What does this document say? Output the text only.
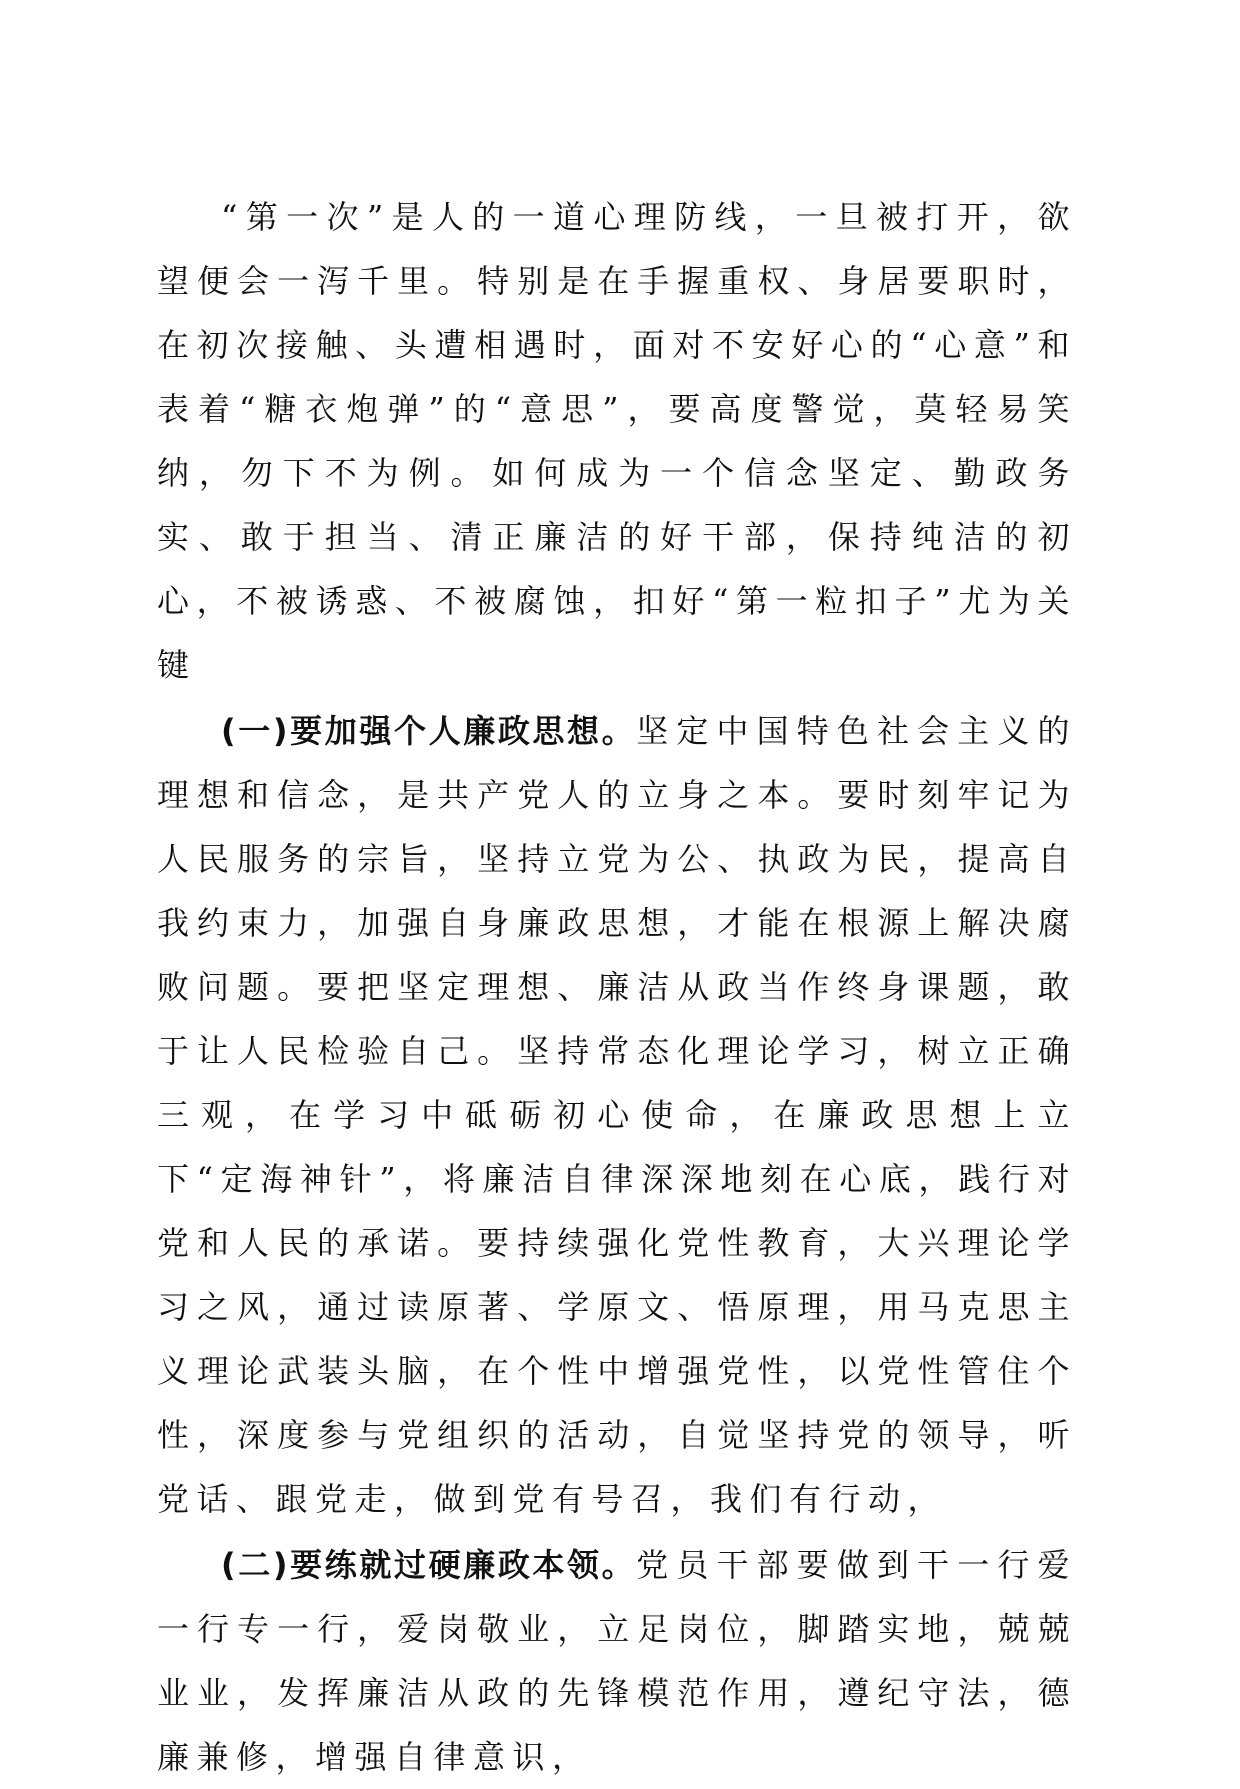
“第一次”是人的一道心理防线，一旦被打开，欲望便会一泻千里。特别是在手握重权、身居要职时，在初次接触、头遭相遇时，面对不安好心的“心意”和表着“糖衣炮弹”的“意思”，要高度警觉，莫轻易笑纳，勿下不为例。如何成为一个信念坚定、勤政务实、敢于担当、清正廉洁的好干部，保持纯洁的初心，不被诱惑、不被腐蚀，扣好“第一粒扣子”尤为关键

(一)要加强个人廉政思想。坚定中国特色社会主义的理想和信念，是共产党人的立身之本。要时刻牢记为人民服务的宗旨，坚持立党为公、执政为民，提高自我约束力，加强自身廉政思想，才能在根源上解决腐败问题。要把坚定理想、廉洁从政当作终身课题，敢于让人民检验自己。坚持常态化理论学习，树立正确三观，在学习中砥砺初心使命，在廉政思想上立下“定海神针”，将廉洁自律深深地刻在心底，践行对党和人民的承诺。要持续强化党性教育，大兴理论学习之风，通过读原著、学原文、悟原理，用马克思主义理论武装头脑，在个性中增强党性，以党性管住个性，深度参与党组织的活动，自觉坚持党的领导，听党话、跟党走，做到党有号召，我们有行动，

(二)要练就过硬廉政本领。党员干部要做到干一行爱一行专一行，爱岗敬业，立足岗位，脚踏实地，兢兢业业，发挥廉洁从政的先锋模范作用，遵纪守法，德廉兼修，增强自律意识，
